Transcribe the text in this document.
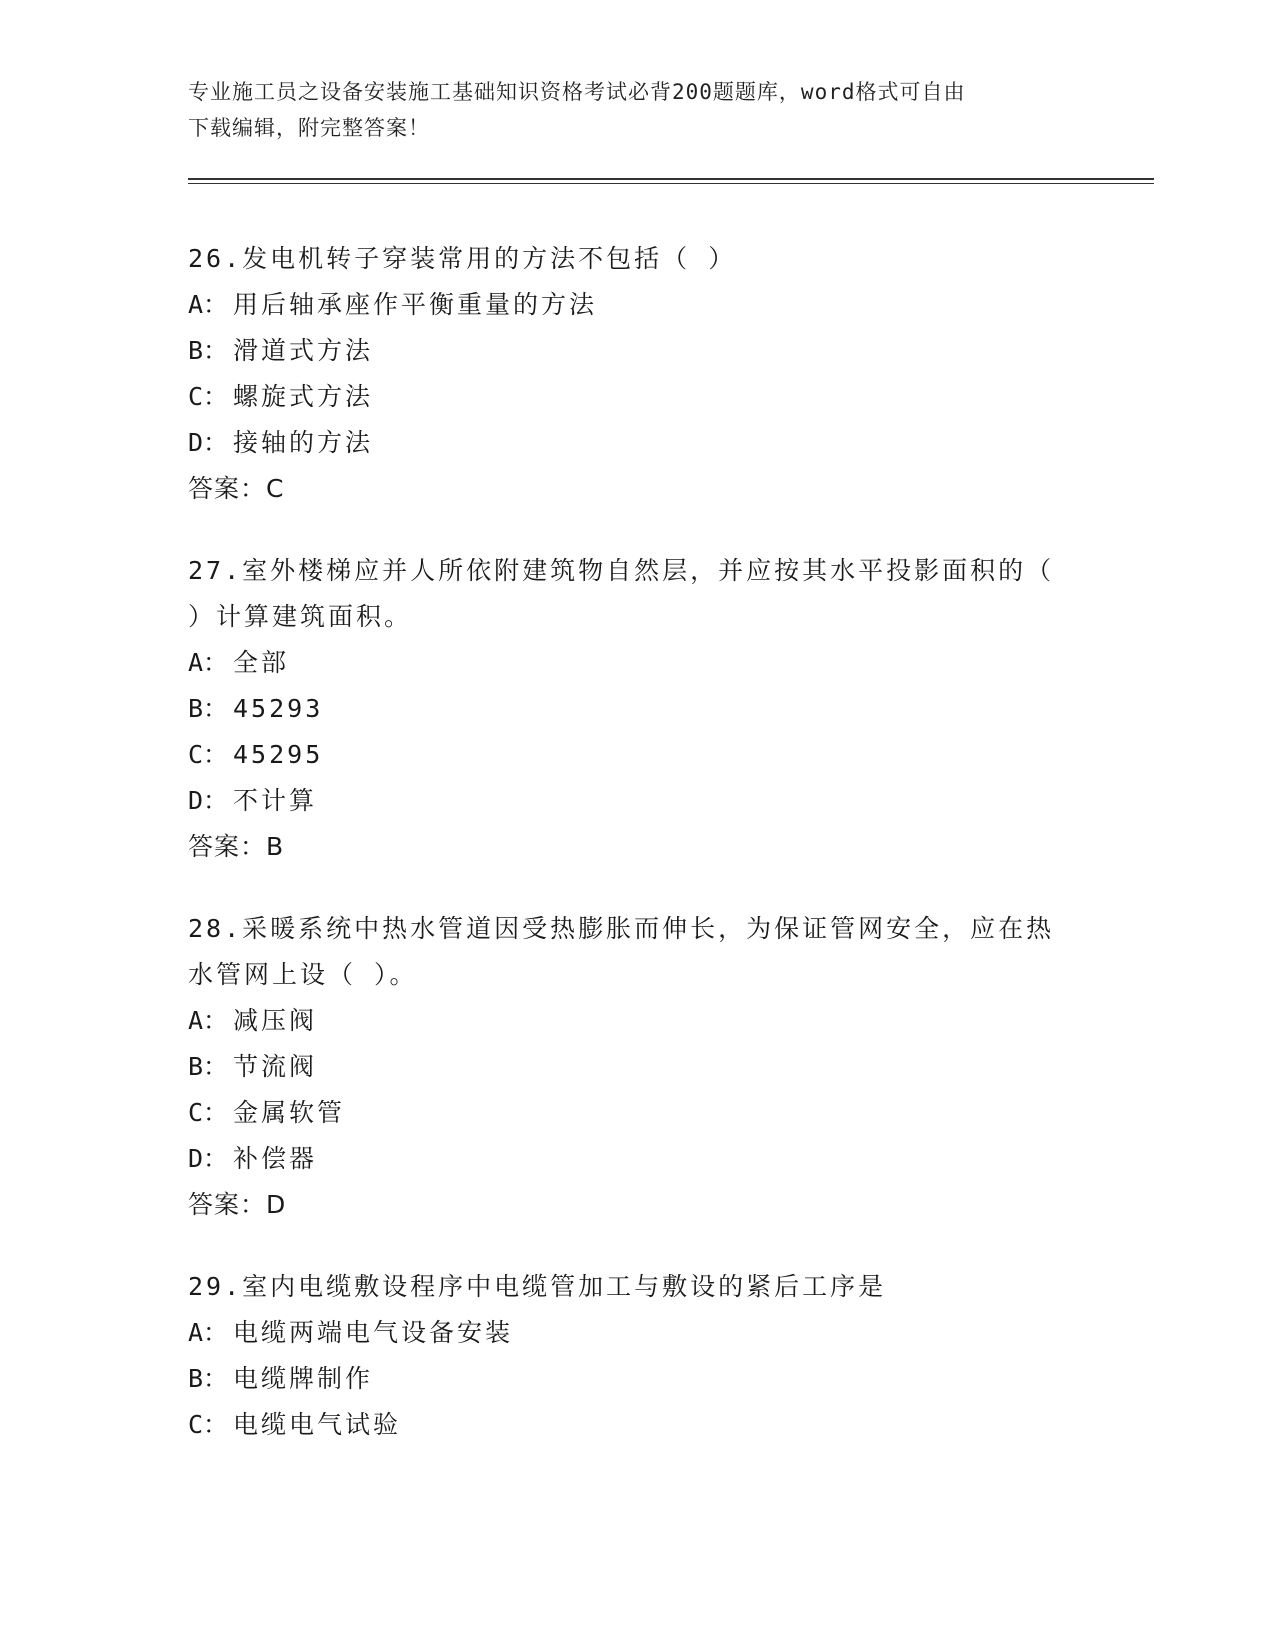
专业施工员之设备安装施工基础知识资格考试必背200题题库，word格式可自由
下载编辑，附完整答案！
26.发电机转子穿装常用的方法不包括（ ）
A： 用后轴承座作平衡重量的方法
B： 滑道式方法
C： 螺旋式方法
D： 接轴的方法
答案：C
27.室外楼梯应并人所依附建筑物自然层，并应按其水平投影面积的（
）计算建筑面积。
A： 全部
B： 45293
C： 45295
D： 不计算
答案：B
28.采暖系统中热水管道因受热膨胀而伸长，为保证管网安全，应在热
水管网上设（ ）。
A： 减压阀
B： 节流阀
C： 金属软管
D： 补偿器
答案：D
29.室内电缆敷设程序中电缆管加工与敷设的紧后工序是
A： 电缆两端电气设备安装
B： 电缆牌制作
C： 电缆电气试验
